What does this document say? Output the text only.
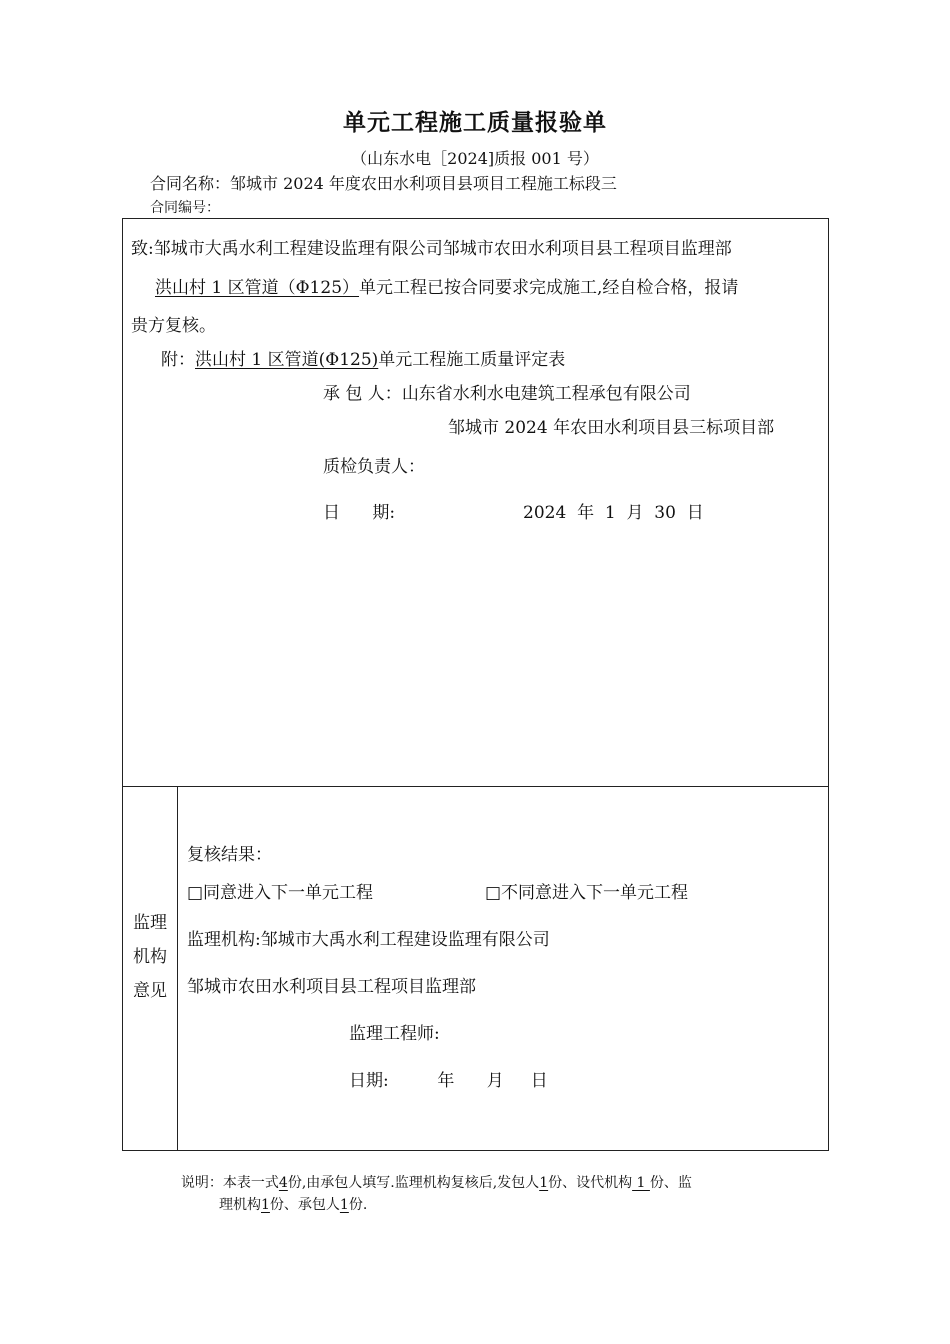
单元工程施工质量报验单
（山东水电［2024]质报 001 号）
合同名称：邹城市 2024 年度农田水利项目县项目工程施工标段三
合同编号：
致:邹城市大禹水利工程建设监理有限公司邹城市农田水利项目县工程项目监理部
洪山村 1 区管道（Φ125）单元工程已按合同要求完成施工,经自检合格，报请
贵方复核。
附：洪山村 1 区管道(Φ125)单元工程施工质量评定表
承 包 人：山东省水利水电建筑工程承包有限公司
邹城市 2024 年农田水利项目县三标项目部
质检负责人：
日      期:	2024  年  1  月  30  日
监理
机构
意见
复核结果：
□同意进入下一单元工程	□不同意进入下一单元工程
监理机构:邹城市大禹水利工程建设监理有限公司
邹城市农田水利项目县工程项目监理部
监理工程师:
日期:         年      月     日

说明：本表一式4份,由承包人填写.监理机构复核后,发包人1份、设代机构 1 份、监

理机构1份、承包人1份.
